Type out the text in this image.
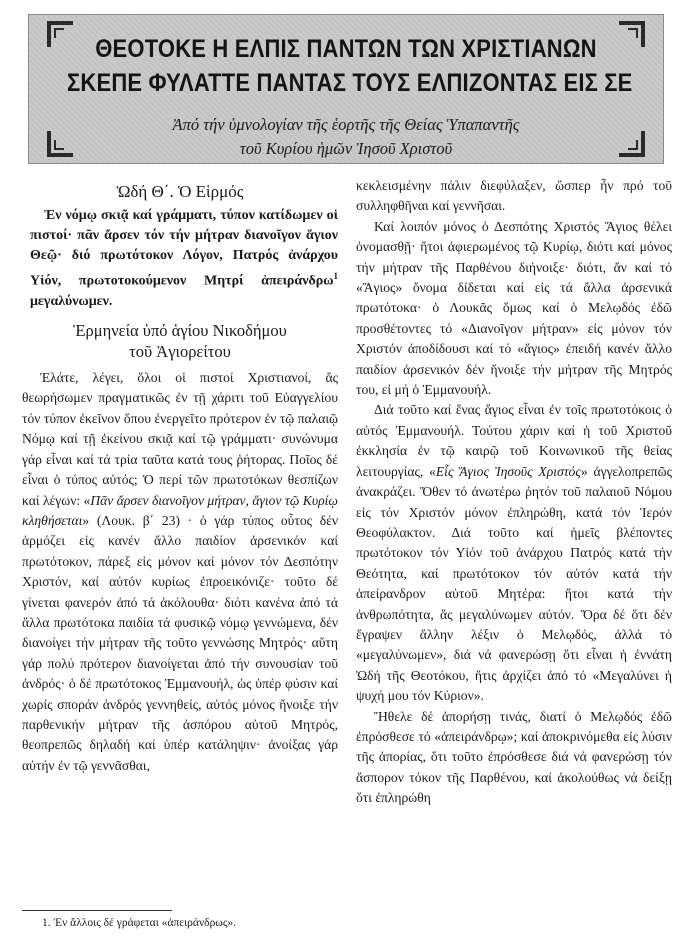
ΘΕΟΤΟΚΕ Η ΕΛΠΙΣ ΠΑΝΤΩΝ ΤΩΝ ΧΡΙΣΤΙΑΝΩΝ
ΣΚΕΠΕ ΦΥΛΑΤΤΕ ΠΑΝΤΑΣ ΤΟΥΣ ΕΛΠΙΖΟΝΤΑΣ ΕΙΣ ΣΕ
Ἀπό τήν ὑμνολογίαν τῆς ἑορτῆς τῆς Θείας Ὑπαπαντῆς
τοῦ Κυρίου ἡμῶν Ἰησοῦ Χριστοῦ
Ὠδή Θ΄. Ὁ Εἱρμός

Ἐν νόμῳ σκιᾷ καί γράμματι, τύπον κατίδωμεν οἱ πιστοί· πᾶν ἄρσεν τόν τήν μήτραν διανοῖγον ἅγιον Θεῷ· διό πρωτότοκον Λόγον, Πατρός ἀνάρχου Υἱόν, πρωτοτοκούμενον Μητρί ἀπειράνδρω$^1$ μεγαλύνωμεν.

Ἑρμηνεία ὑπό ἁγίου Νικοδήμου
τοῦ Ἁγιορείτου

Ἐλάτε, λέγει, ὅλοι οἱ πιστοί Χριστιανοί, ἄς θεωρήσωμεν πραγματικῶς ἐν τῇ χάριτι τοῦ Εὐαγγελίου τόν τύπον ἐκεῖνον ὅπου ἐνεργεῖτο πρότερον ἐν τῷ παλαιῷ Νόμῳ καί τῇ ἐκείνου σκιᾷ καί τῷ γράμματι· συνώνυμα γάρ εἶναι καί τά τρία ταῦτα κατά τους ῥήτορας. Ποῖος δέ εἶναι ὁ τύπος αὐτός; Ὁ περί τῶν πρωτοτόκων θεσπίζων καί λέγων: «Πᾶν ἄρσεν διανοῖγον μήτραν, ἅγιον τῷ Κυρίῳ κληθήσεται» (Λουκ. β΄ 23) · ὁ γάρ τύπος οὗτος δέν ἁρμόζει εἰς κανέν ἄλλο παιδίον ἀρσενικόν καί πρωτότοκον, πάρεξ εἰς μόνον καί μόνον τόν Δεσπότην Χριστόν, καί αὐτόν κυρίως ἐπροεικόνιζε· τοῦτο δέ γίνεται φανερόν ἀπό τά ἀκόλουθα· διότι κανένα ἀπό τά ἄλλα πρωτότοκα παιδία τά φυσικῷ νόμῳ γεννώμενα, δέν διανοίγει τήν μήτραν τῆς τοῦτο γεννώσης Μητρός· αὕτη γάρ πολύ πρότερον διανοίγεται ἀπό τήν συνουσίαν τοῦ ἀνδρός· ὁ δέ πρωτότοκος Ἐμμανουήλ, ὡς ὑπέρ φύσιν καί χωρίς σποράν ἀνδρός γεννηθείς, αὐτός μόνος ἤνοιξε τήν παρθενικήν μήτραν τῆς ἀσπόρου αὐτοῦ Μητρός, θεοπρεπῶς δηλαδή καί ὑπέρ κατάληψιν· ἀνοίξας γάρ αὐτήν ἐν τῷ γεννᾶσθαι,

κεκλεισμένην πάλιν διεφύλαξεν, ὥσπερ ἦν πρό τοῦ συλληφθῆναι καί γεννῆσαι.

Καί λοιπόν μόνος ὁ Δεσπότης Χριστός Ἅγιος θέλει ὀνομασθῇ· ἤτοι ἀφιερωμένος τῷ Κυρίῳ, διότι καί μόνος τήν μήτραν τῆς Παρθένου διήνοιξε· διότι, ἄν καί τό «Ἅγιος» ὄνομα δίδεται καί εἰς τά ἄλλα ἀρσενικά πρωτότοκα· ὁ Λουκᾶς ὅμως καί ὁ Μελῳδός ἐδῶ προσθέτοντες τό «Διανοῖγον μήτραν» εἰς μόνον τόν Χριστόν ἀποδίδουσι καί τό «ἅγιος» ἐπειδή κανέν ἄλλο παιδίον ἀρσενικόν δέν ἤνοιξε τήν μήτραν τῆς Μητρός του, εἰ μή ὁ Ἐμμανουήλ.

Διά τοῦτο καί ἕνας ἅγιος εἶναι ἐν τοῖς πρωτοτόκοις ὁ αὐτός Ἐμμανουήλ. Τούτου χάριν καί ἡ τοῦ Χριστοῦ ἐκκλησία ἐν τῷ καιρῷ τοῦ Κοινωνικοῦ τῆς θείας λειτουργίας, «Εἷς Ἅγιος Ἰησοῦς Χριστός» ἀγγελοπρεπῶς ἀνακράζει. Ὅθεν τό ἀνωτέρω ῥητόν τοῦ παλαιοῦ Νόμου εἰς τόν Χριστόν μόνον ἐπληρώθη, κατά τόν Ἱερόν Θεοφύλακτον. Διά τοῦτο καί ἡμεῖς βλέποντες πρωτότοκον τόν Υἱόν τοῦ ἀνάρχου Πατρός κατά τήν Θεότητα, καί πρωτότοκον τόν αὐτόν κατά τήν ἀπείρανδρον αὐτοῦ Μητέρα: ἤτοι κατά τήν ἀνθρωπότητα, ἄς μεγαλύνωμεν αὐτόν. Ὅρα δέ ὅτι δέν ἔγραψεν ἄλλην λέξιν ὁ Μελῳδός, ἀλλά τό «μεγαλύνωμεν», διά νά φανερώσῃ ὅτι εἶναι ἡ ἐννάτη Ὠδή τῆς Θεοτόκου, ἥτις ἀρχίζει ἀπό τό «Μεγαλύνει ἡ ψυχή μου τόν Κύριον».

Ἤθελε δέ ἀπορήσῃ τινάς, διατί ὁ Μελῳδός ἐδῶ ἐπρόσθεσε τό «ἀπειράνδρῳ»; καί ἀποκρινόμεθα εἰς λύσιν τῆς ἀπορίας, ὅτι τοῦτο ἐπρόσθεσε διά νά φανερώσῃ τόν ἄσπορον τόκον τῆς Παρθένου, καί ἀκολούθως νά δείξῃ ὅτι ἐπληρώθη

1. Ἐν ἄλλοις δέ γράφεται «ἀπειράνδρως».
